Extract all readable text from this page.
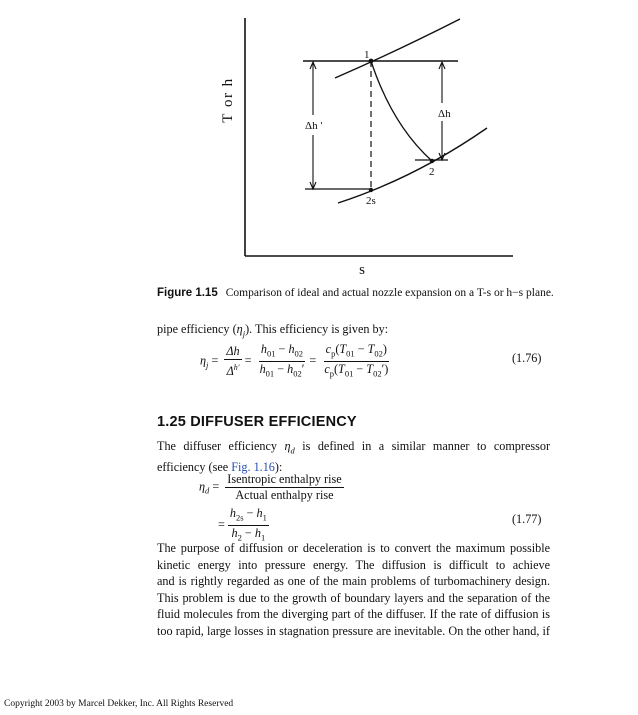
T or h
s
1
2
2s
Δh '
Δh
Figure 1.15 Comparison of ideal and actual nozzle expansion on a T-s or h−s plane.
pipe efficiency $(\eta_j)$. This efficiency is given by:
$\eta_j = \frac{\Delta h}{\Delta^{h'}} = \frac{h_{01} - h_{02}}{h_{01} - h_{02}'} = \frac{c_p(T_{01} - T_{02})}{c_p(T_{01} - T_{02}')}$	(1.76)
1.25 DIFFUSER EFFICIENCY
The diffuser efficiency $\eta_d$ is defined in a similar manner to compressor
efficiency (see Fig. 1.16):
$\eta_d = \frac{\text{Isentropic enthalpy rise}}{\text{Actual enthalpy rise}}$
= $\frac{h_{2s} - h_1}{h_2 - h_1}$	(1.77)
The purpose of diffusion or deceleration is to convert the maximum possible
kinetic energy into pressure energy. The diffusion is difficult to achieve
and is rightly regarded as one of the main problems of turbomachinery design.
This problem is due to the growth of boundary layers and the separation of the
fluid molecules from the diverging part of the diffuser. If the rate of diffusion is
too rapid, large losses in stagnation pressure are inevitable. On the other hand, if
Copyright 2003 by Marcel Dekker, Inc. All Rights Reserved
